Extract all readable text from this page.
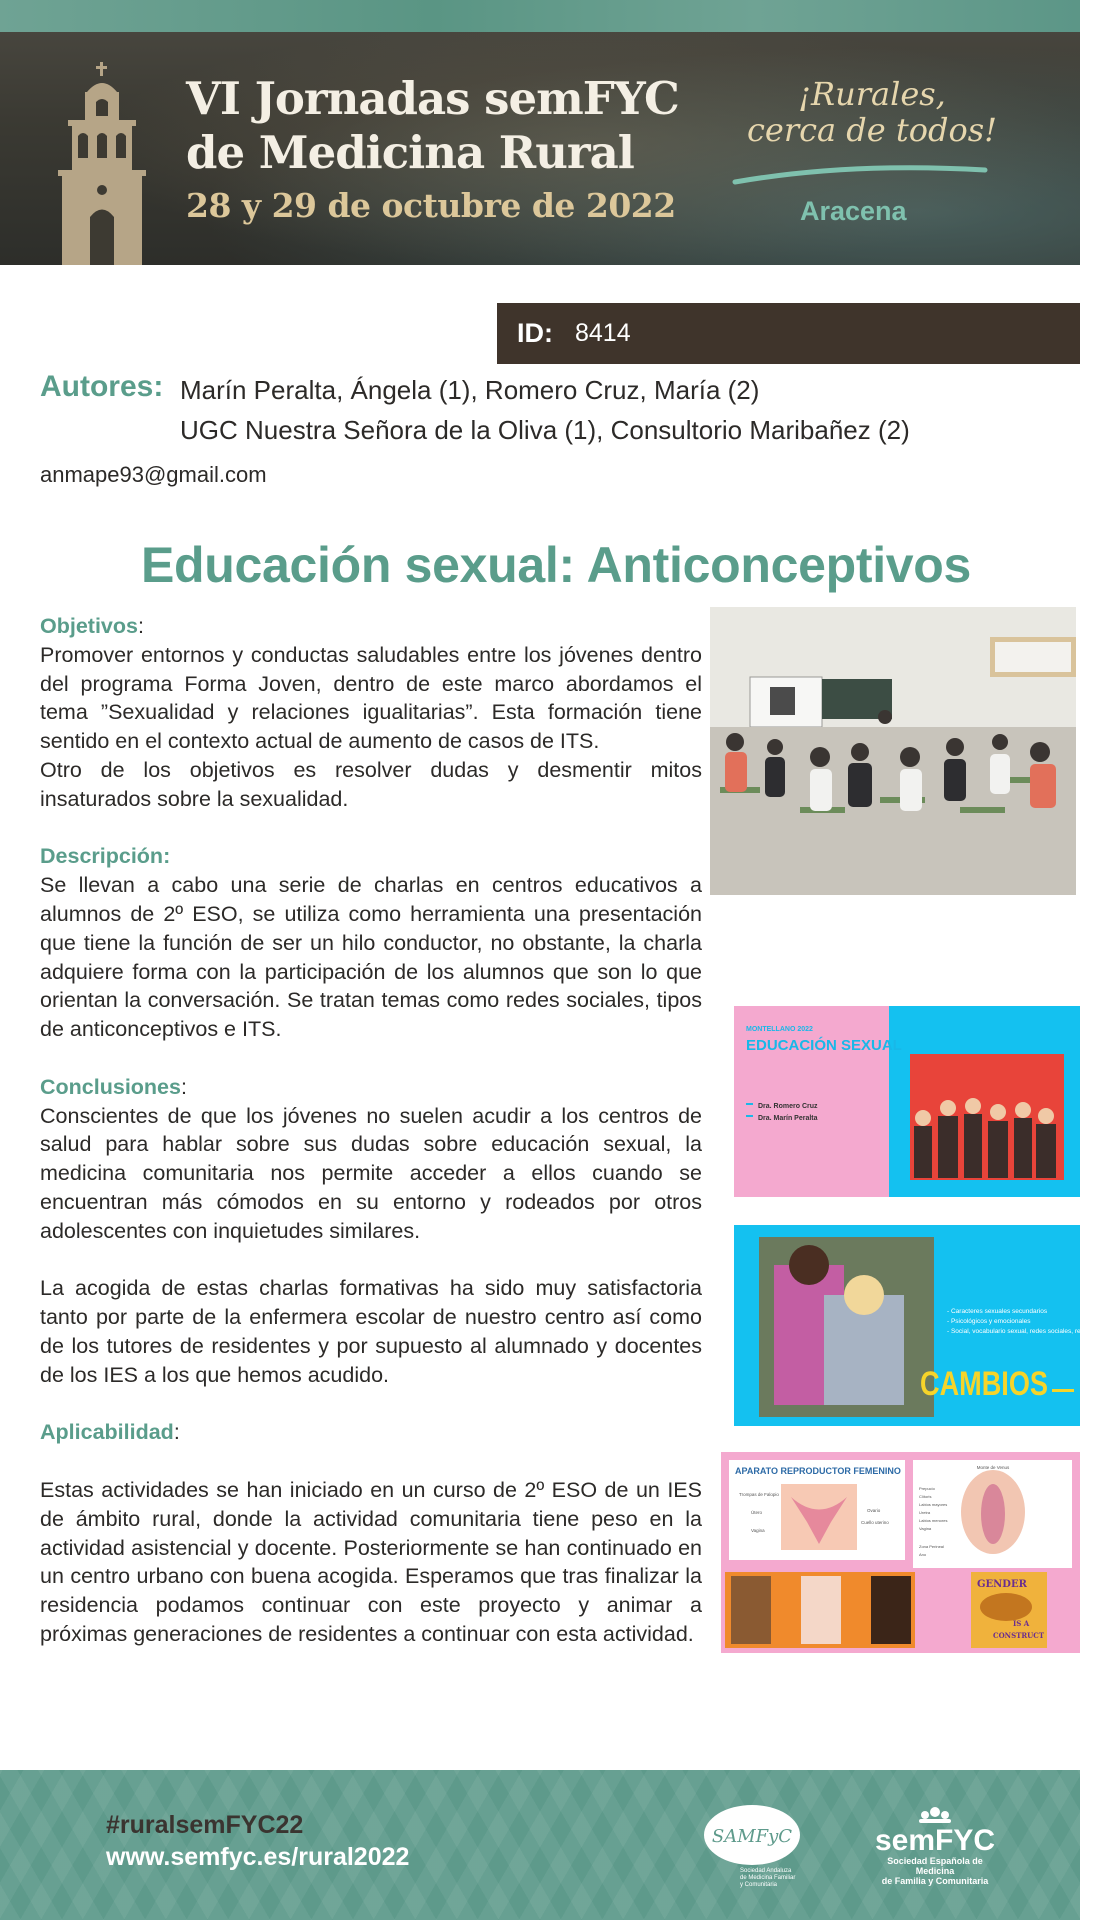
VI Jornadas semFYC
de Medicina Rural
28 y 29 de octubre de 2022
¡Rurales,
cerca de todos!
Aracena
ID: 8414
Autores: Marín Peralta, Ángela (1), Romero Cruz, María (2)
UGC Nuestra Señora de la Oliva (1), Consultorio Maribañez (2)
anmape93@gmail.com
Educación sexual: Anticonceptivos

Objetivos:

Promover entornos y conductas saludables entre los jóvenes dentro del programa Forma Joven, dentro de este marco abordamos el tema ”Sexualidad y relaciones igualitarias”. Esta formación tiene sentido en el contexto actual de aumento de casos de ITS.

Otro de los objetivos es resolver dudas y desmentir mitos insaturados sobre la sexualidad.

Descripción:

Se llevan a cabo una serie de charlas en centros educativos a alumnos de 2º ESO, se utiliza como herramienta una presentación que tiene la función de ser un hilo conductor, no obstante, la charla adquiere forma con la participación de los alumnos que son lo que orientan la conversación. Se tratan temas como redes sociales, tipos de anticonceptivos e ITS.

Conclusiones:

Conscientes de que los jóvenes no suelen acudir a los centros de salud para hablar sobre sus dudas sobre educación sexual, la medicina comunitaria nos permite acceder a ellos cuando se encuentran más cómodos en su entorno y rodeados por otros adolescentes con inquietudes similares.

La acogida de estas charlas formativas ha sido muy satisfactoria tanto por parte de la enfermera escolar de nuestro centro así como de los tutores de residentes y por supuesto al alumnado y docentes de los IES a los que hemos acudido.

Aplicabilidad:

Estas actividades se han iniciado en un curso de 2º ESO de un IES de ámbito rural, donde la actividad comunitaria tiene peso en la actividad asistencial y docente. Posteriormente se han continuado en un centro urbano con buena acogida. Esperamos que tras finalizar la residencia podamos continuar con este proyecto y animar a próximas generaciones de residentes a continuar con esta actividad.

MONTELLANO 2022
EDUCACIÓN SEXUAL
Dra. Romero Cruz
Dra. Marín Peralta
- Caracteres sexuales secundarios
- Psicológicos y emocionales
- Social, vocabulario sexual, redes sociales, relaciones
CAMBIOS
APARATO REPRODUCTOR FEMENINO
Trompas de Falopio
Útero
Vagina
Ovario
Cuello uterino
Monte de Venus
Prepucio
Clítoris
Labios mayores
Uretra
Labios menores
Vagina
Zona Perineal
Ano
GENDER
IS A
CONSTRUCT
#ruralsemFYC22
www.semfyc.es/rural2022
SAMFyC
Sociedad Andaluza
de Medicina Familiar
y Comunitaria
semFYC
Sociedad Española de Medicina
de Familia y Comunitaria
